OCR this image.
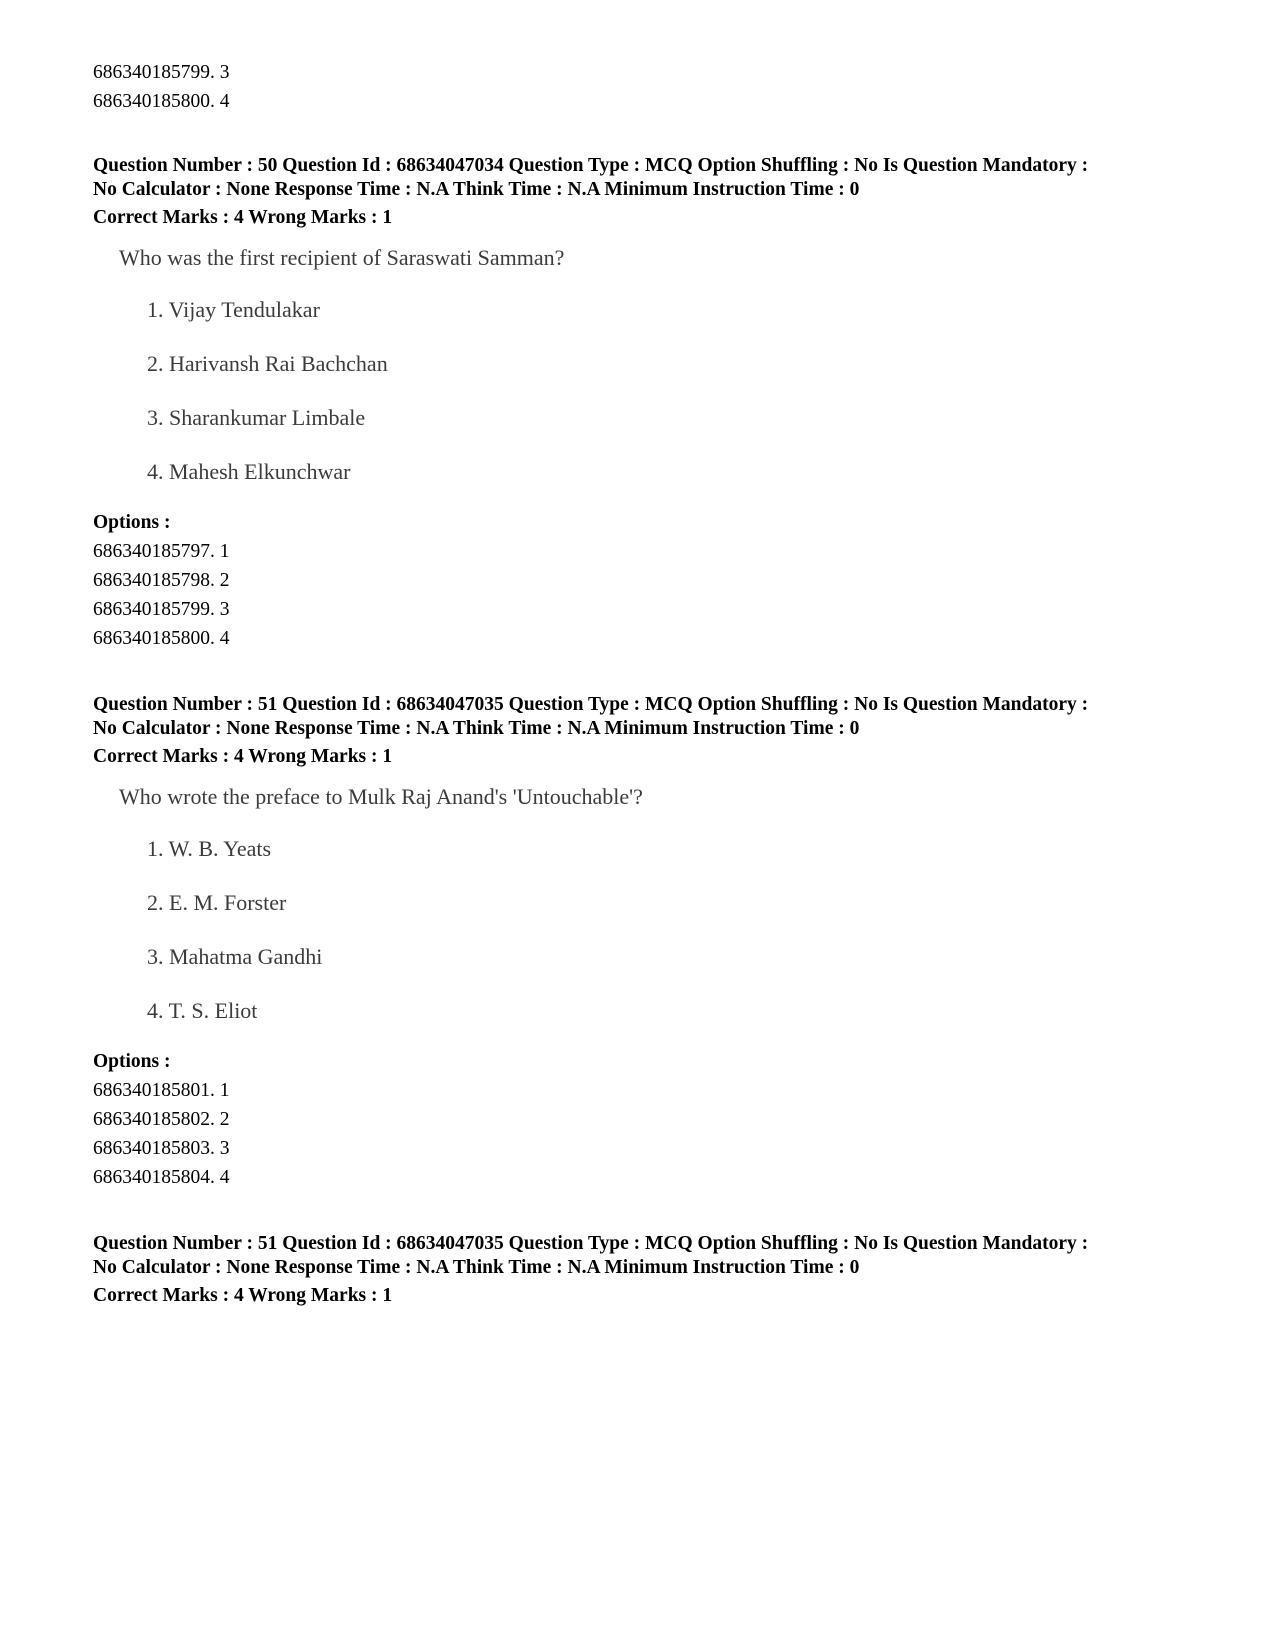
686340185799. 3
686340185800. 4
Question Number : 50 Question Id : 68634047034 Question Type : MCQ Option Shuffling : No Is Question Mandatory :
No Calculator : None Response Time : N.A Think Time : N.A Minimum Instruction Time : 0
Correct Marks : 4 Wrong Marks : 1
Who was the first recipient of Saraswati Samman?
1. Vijay Tendulakar
2. Harivansh Rai Bachchan
3. Sharankumar Limbale
4. Mahesh Elkunchwar
Options :
686340185797. 1
686340185798. 2
686340185799. 3
686340185800. 4
Question Number : 51 Question Id : 68634047035 Question Type : MCQ Option Shuffling : No Is Question Mandatory :
No Calculator : None Response Time : N.A Think Time : N.A Minimum Instruction Time : 0
Correct Marks : 4 Wrong Marks : 1
Who wrote the preface to Mulk Raj Anand's 'Untouchable'?
1. W. B. Yeats
2. E. M. Forster
3. Mahatma Gandhi
4. T. S. Eliot
Options :
686340185801. 1
686340185802. 2
686340185803. 3
686340185804. 4
Question Number : 51 Question Id : 68634047035 Question Type : MCQ Option Shuffling : No Is Question Mandatory :
No Calculator : None Response Time : N.A Think Time : N.A Minimum Instruction Time : 0
Correct Marks : 4 Wrong Marks : 1
